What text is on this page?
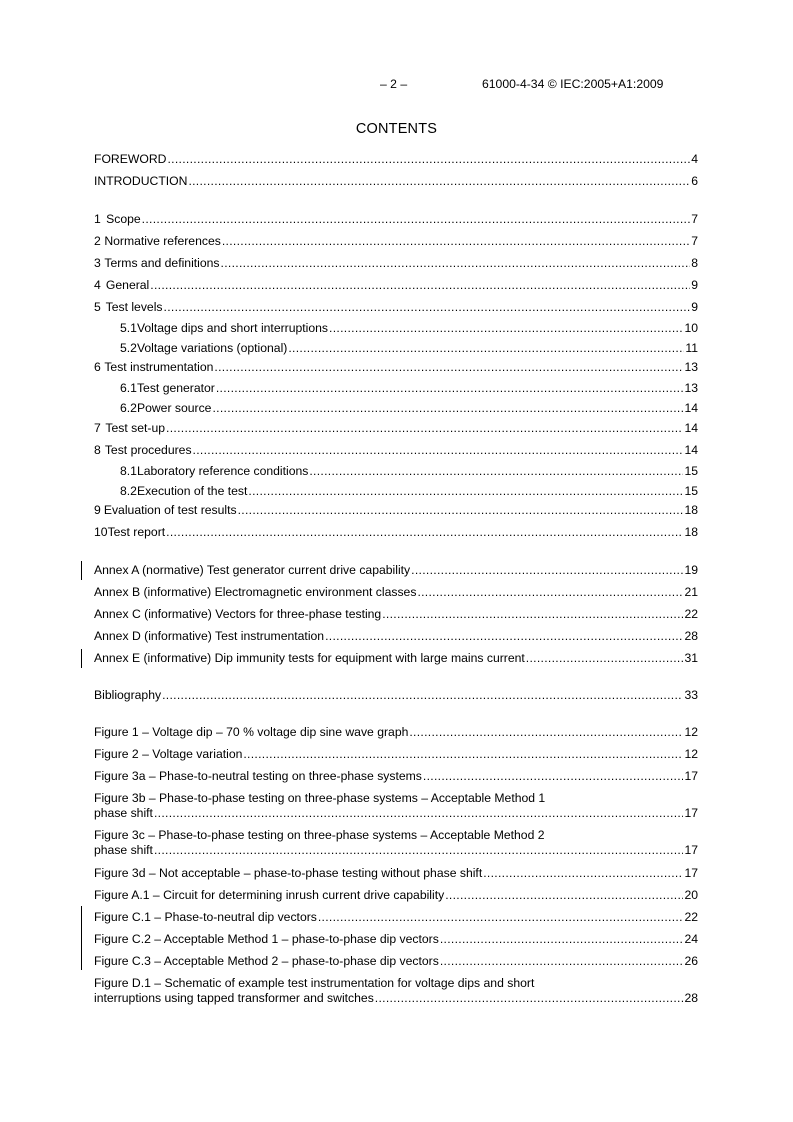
– 2 –	61000-4-34 © IEC:2005+A1:2009
CONTENTS
FOREWORD .....	4
INTRODUCTION .....	6
1 Scope .....	7
2 Normative references .....	7
3 Terms and definitions .....	8
4 General .....	9
5 Test levels .....	9
5.1 Voltage dips and short interruptions .....	10
5.2 Voltage variations (optional) .....	11
6 Test instrumentation .....	13
6.1 Test generator .....	13
6.2 Power source .....	14
7 Test set-up .....	14
8 Test procedures .....	14
8.1 Laboratory reference conditions .....	15
8.2 Execution of the test .....	15
9 Evaluation of test results .....	18
10 Test report .....	18
Annex A (normative) Test generator current drive capability .....	19
Annex B (informative) Electromagnetic environment classes .....	21
Annex C (informative) Vectors for three-phase testing .....	22
Annex D (informative) Test instrumentation .....	28
Annex E (informative) Dip immunity tests for equipment with large mains current .....	31
Bibliography .....	33
Figure 1 – Voltage dip – 70 % voltage dip sine wave graph .....	12
Figure 2 – Voltage variation .....	12
Figure 3a – Phase-to-neutral testing on three-phase systems .....	17
Figure 3b – Phase-to-phase testing on three-phase systems – Acceptable Method 1
phase shift .....	17
Figure 3c – Phase-to-phase testing on three-phase systems – Acceptable Method 2
phase shift .....	17
Figure 3d – Not acceptable – phase-to-phase testing without phase shift .....	17
Figure A.1 – Circuit for determining inrush current drive capability .....	20
Figure C.1 – Phase-to-neutral dip vectors .....	22
Figure C.2 – Acceptable Method 1 – phase-to-phase dip vectors .....	24
Figure C.3 – Acceptable Method 2 – phase-to-phase dip vectors .....	26
Figure D.1 – Schematic of example test instrumentation for voltage dips and short
interruptions using tapped transformer and switches .....	28
